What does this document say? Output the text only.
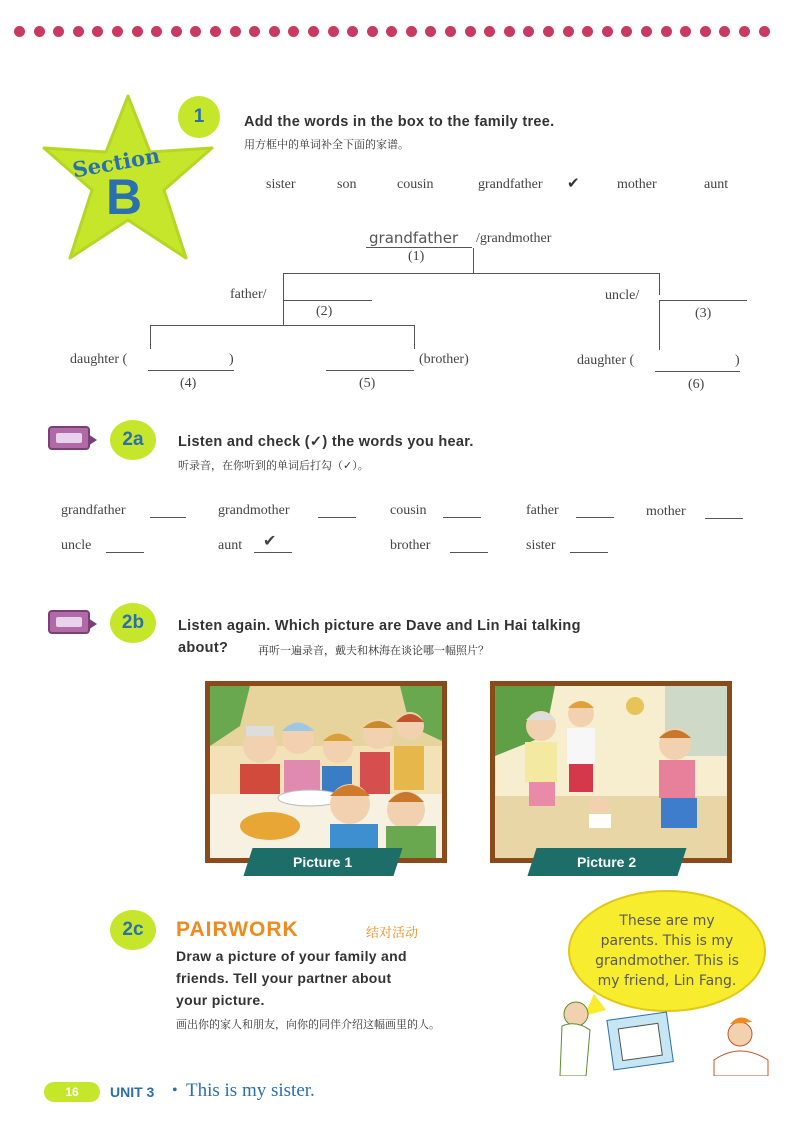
Section
B
1	Add the words in the box to the family tree.
用方框中的单词补全下面的家谱。
sister	son	cousin	grandfather ✔	mother	aunt
grandfather /grandmother
(1)
father/
(2)
uncle/
(3)
daughter (	)
(4)
(brother)
(5)
daughter (	)
(6)
2a	Listen and check (✓) the words you hear.
听录音，在你听到的单词后打勾（✓）。
grandfather	grandmother	cousin	father	mother
uncle	aunt ✔	brother	sister
2b	Listen again. Which picture are Dave and Lin Hai talking
about?	再听一遍录音，戴夫和林海在谈论哪一幅照片？
Picture 1	Picture 2
2c	PAIRWORK	结对活动
Draw a picture of your family and
friends. Tell your partner about
your picture.
画出你的家人和朋友，向你的同伴介绍这幅画里的人。
These are my
parents. This is my
grandmother. This is
my friend, Lin Fang.
16	UNIT 3 • This is my sister.
